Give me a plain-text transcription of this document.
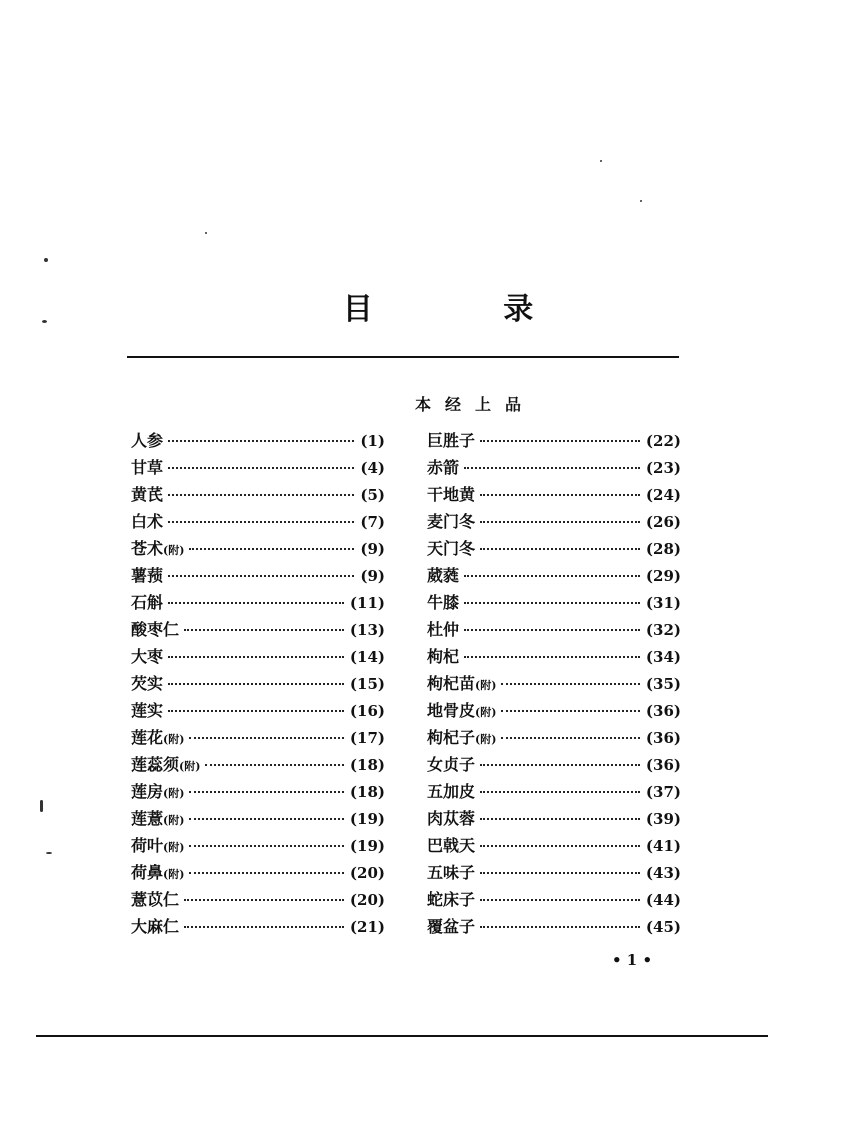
目 录
本经上品
人参	(1)
甘草	(4)
黄芪	(5)
白术	(7)
苍术(附)	(9)
薯蓣	(9)
石斛	(11)
酸枣仁	(13)
大枣	(14)
芡实	(15)
莲实	(16)
莲花(附)	(17)
莲蕊须(附)	(18)
莲房(附)	(18)
莲薏(附)	(19)
荷叶(附)	(19)
荷鼻(附)	(20)
薏苡仁	(20)
大麻仁	(21)
巨胜子	(22)
赤箭	(23)
干地黄	(24)
麦门冬	(26)
天门冬	(28)
葳蕤	(29)
牛膝	(31)
杜仲	(32)
枸杞	(34)
枸杞苗(附)	(35)
地骨皮(附)	(36)
枸杞子(附)	(36)
女贞子	(36)
五加皮	(37)
肉苁蓉	(39)
巴戟天	(41)
五味子	(43)
蛇床子	(44)
覆盆子	(45)
• 1 •
